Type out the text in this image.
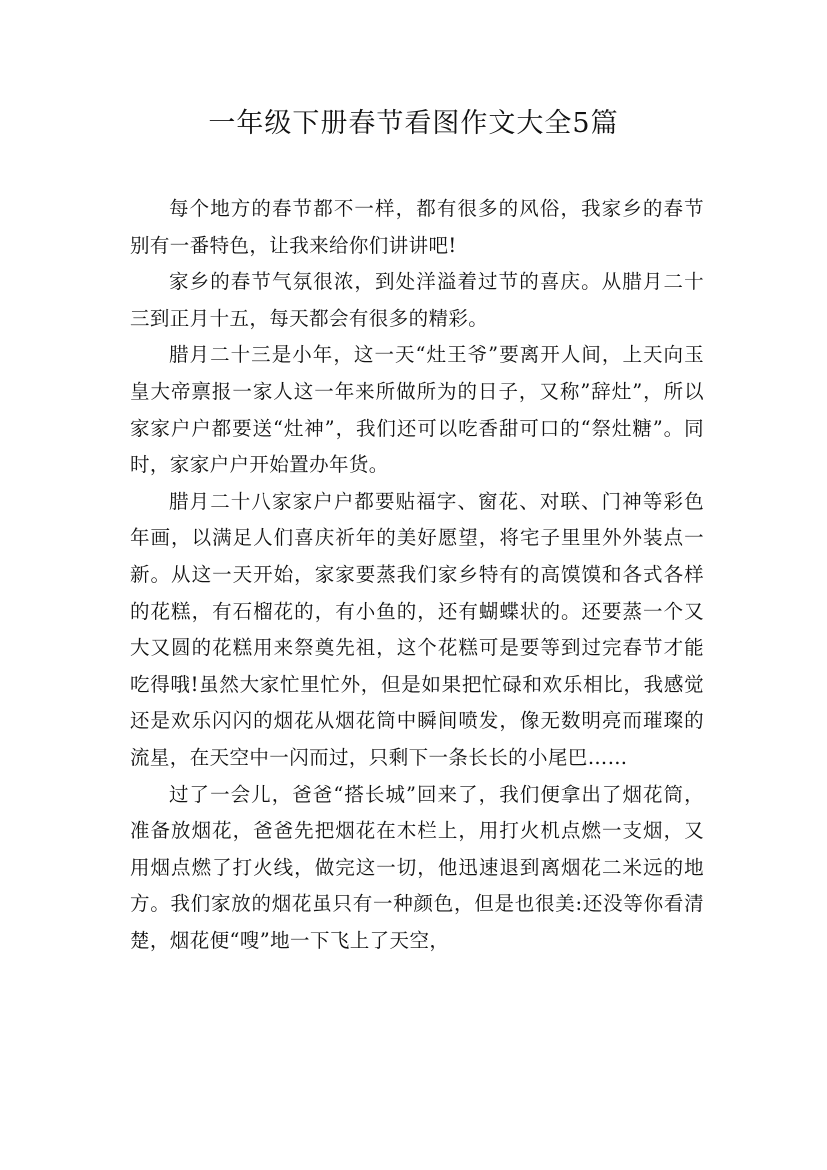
一年级下册春节看图作文大全5篇

每个地方的春节都不一样，都有很多的风俗，我家乡的春节别有一番特色，让我来给你们讲讲吧!

家乡的春节气氛很浓，到处洋溢着过节的喜庆。从腊月二十三到正月十五，每天都会有很多的精彩。

腊月二十三是小年，这一天“灶王爷”要离开人间，上天向玉皇大帝禀报一家人这一年来所做所为的日子，又称”辞灶”，所以家家户户都要送“灶神”，我们还可以吃香甜可口的“祭灶糖”。同时，家家户户开始置办年货。

腊月二十八家家户户都要贴福字、窗花、对联、门神等彩色年画，以满足人们喜庆祈年的美好愿望，将宅子里里外外装点一新。从这一天开始，家家要蒸我们家乡特有的高馍馍和各式各样的花糕，有石榴花的，有小鱼的，还有蝴蝶状的。还要蒸一个又大又圆的花糕用来祭奠先祖，这个花糕可是要等到过完春节才能吃得哦!虽然大家忙里忙外，但是如果把忙碌和欢乐相比，我感觉还是欢乐闪闪的烟花从烟花筒中瞬间喷发，像无数明亮而璀璨的流星，在天空中一闪而过，只剩下一条长长的小尾巴……

过了一会儿，爸爸“搭长城”回来了，我们便拿出了烟花筒，准备放烟花，爸爸先把烟花在木栏上，用打火机点燃一支烟，又用烟点燃了打火线，做完这一切，他迅速退到离烟花二米远的地方。我们家放的烟花虽只有一种颜色，但是也很美:还没等你看清楚，烟花便“嗖”地一下飞上了天空，
